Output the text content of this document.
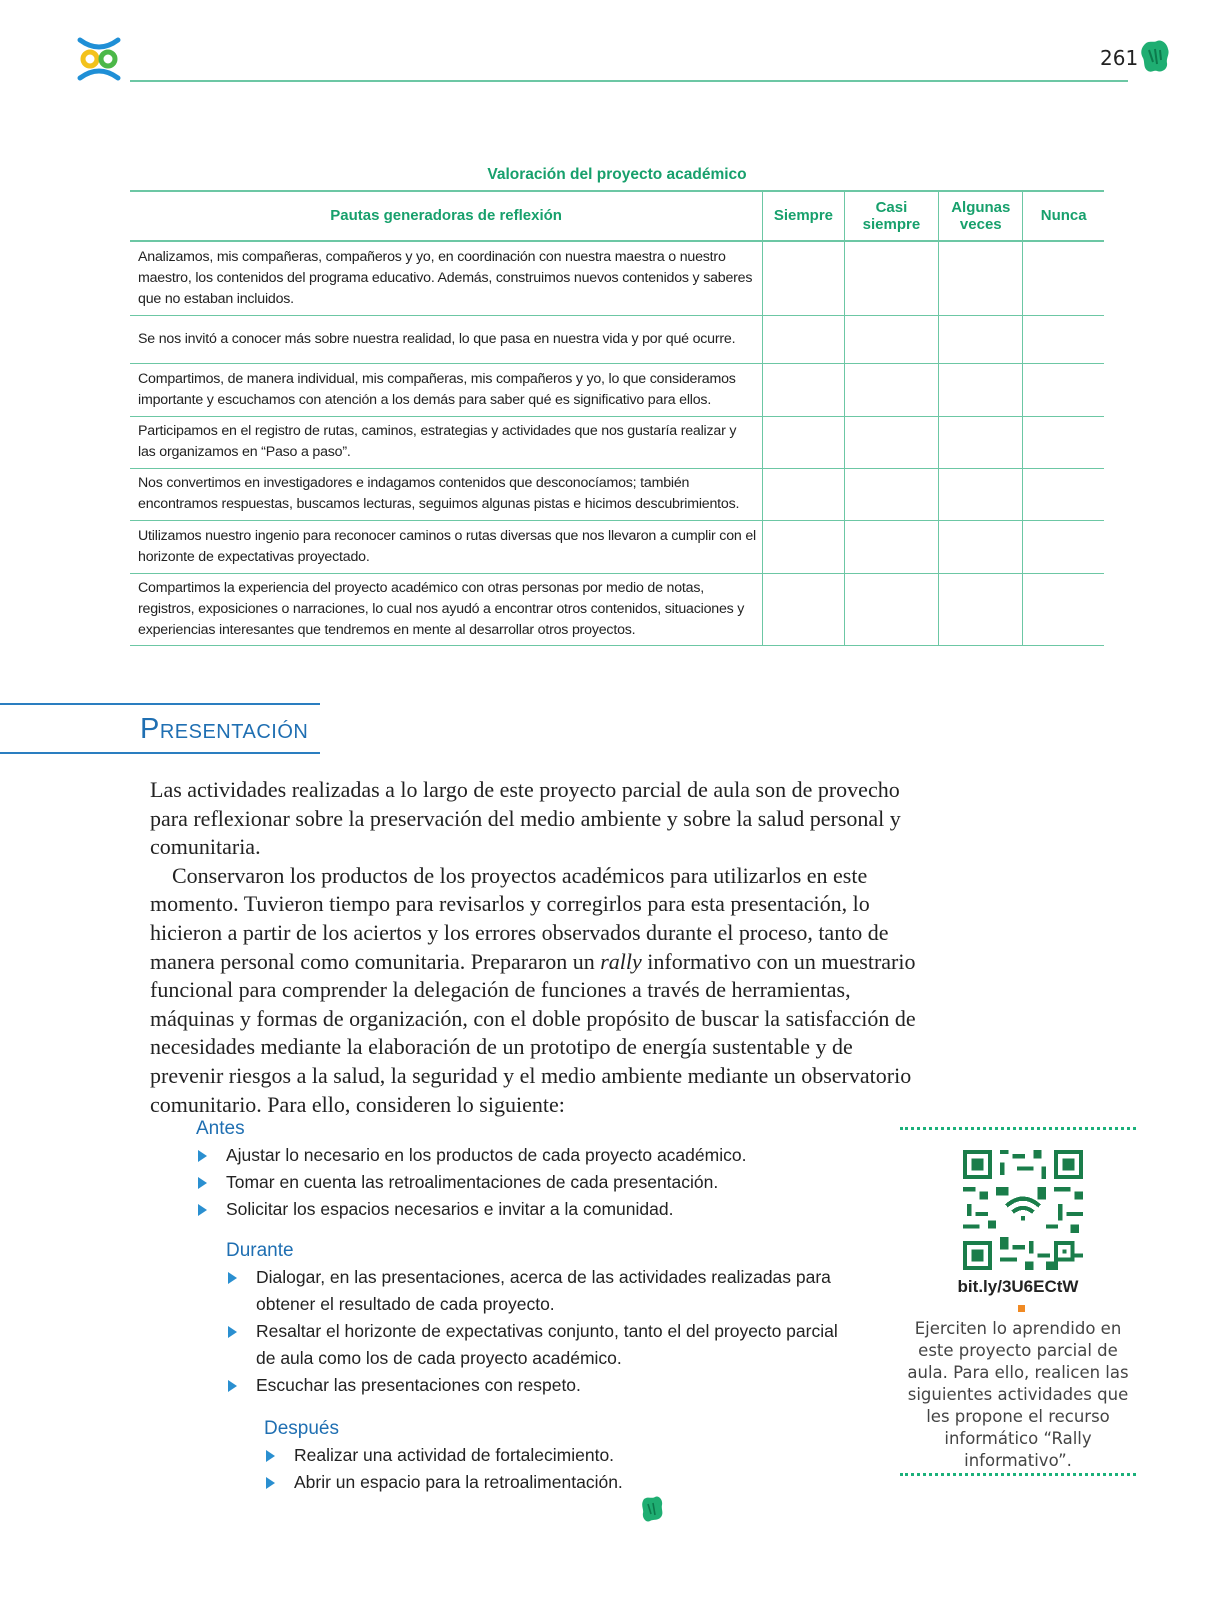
261
Valoración del proyecto académico
Pautas generadoras de reflexión	Siempre	Casi siempre	Algunas veces	Nunca
Analizamos, mis compañeras, compañeros y yo, en coordinación con nuestra maestra o nuestro maestro, los contenidos del programa educativo. Además, construimos nuevos contenidos y saberes que no estaban incluidos.				
Se nos invitó a conocer más sobre nuestra realidad, lo que pasa en nuestra vida y por qué ocurre.				
Compartimos, de manera individual, mis compañeras, mis compañeros y yo, lo que consideramos importante y escuchamos con atención a los demás para saber qué es significativo para ellos.				
Participamos en el registro de rutas, caminos, estrategias y actividades que nos gustaría realizar y las organizamos en “Paso a paso”.				
Nos convertimos en investigadores e indagamos contenidos que desconocíamos; también encontramos respuestas, buscamos lecturas, seguimos algunas pistas e hicimos descubrimientos.				
Utilizamos nuestro ingenio para reconocer caminos o rutas diversas que nos llevaron a cumplir con el horizonte de expectativas proyectado.				
Compartimos la experiencia del proyecto académico con otras personas por medio de notas, registros, exposiciones o narraciones, lo cual nos ayudó a encontrar otros contenidos, situaciones y experiencias interesantes que tendremos en mente al desarrollar otros proyectos.				
Presentación

Las actividades realizadas a lo largo de este proyecto parcial de aula son de provecho para reflexionar sobre la preservación del medio ambiente y sobre la salud personal y comunitaria.

Conservaron los productos de los proyectos académicos para utilizarlos en este momento. Tuvieron tiempo para revisarlos y corregirlos para esta presentación, lo hicieron a partir de los aciertos y los errores observados durante el proceso, tanto de manera personal como comunitaria. Prepararon un rally informativo con un muestrario funcional para comprender la delegación de funciones a través de herramientas, máquinas y formas de organización, con el doble propósito de buscar la satisfacción de necesidades mediante la elaboración de un prototipo de energía sustentable y de prevenir riesgos a la salud, la seguridad y el medio ambiente mediante un observatorio comunitario. Para ello, consideren lo siguiente:

Antes
Ajustar lo necesario en los productos de cada proyecto académico.
Tomar en cuenta las retroalimentaciones de cada presentación.
Solicitar los espacios necesarios e invitar a la comunidad.
Durante
Dialogar, en las presentaciones, acerca de las actividades realizadas para obtener el resultado de cada proyecto.
Resaltar el horizonte de expectativas conjunto, tanto el del proyecto parcial de aula como los de cada proyecto académico.
Escuchar las presentaciones con respeto.
Después
Realizar una actividad de fortalecimiento.
Abrir un espacio para la retroalimentación.
bit.ly/3U6ECtW
Ejerciten lo aprendido en este proyecto parcial de aula. Para ello, realicen las siguientes actividades que les propone el recurso informático “Rally informativo”.
